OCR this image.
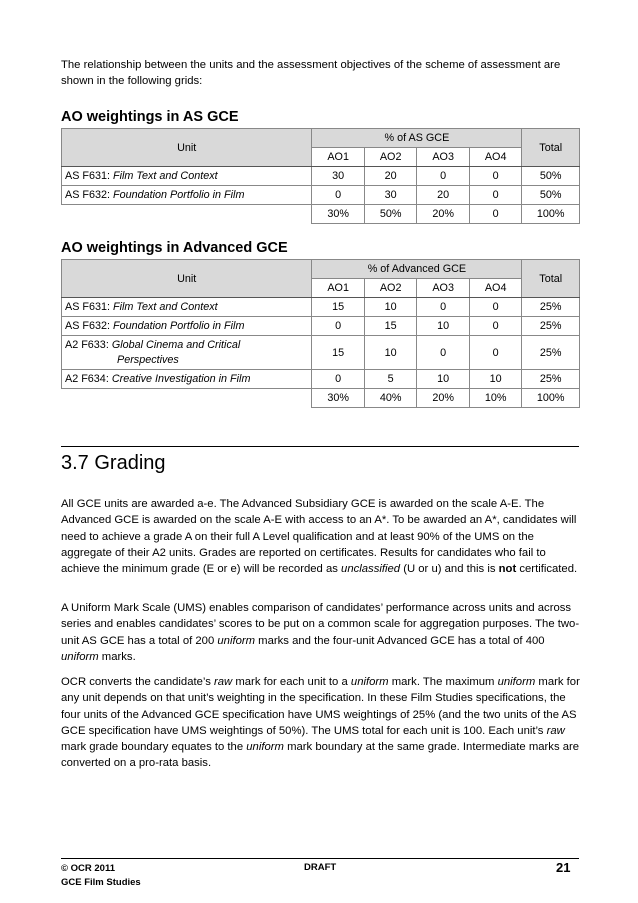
The relationship between the units and the assessment objectives of the scheme of assessment are shown in the following grids:
AO weightings in AS GCE
Unit	% of AS GCE				Total
	AO1	AO2	AO3	AO4	
AS F631: Film Text and Context	30	20	0	0	50%
AS F632: Foundation Portfolio in Film	0	30	20	0	50%
	30%	50%	20%	0	100%
AO weightings in Advanced GCE
Unit	% of Advanced GCE				Total
	AO1	AO2	AO3	AO4	
AS F631: Film Text and Context	15	10	0	0	25%
AS F632: Foundation Portfolio in Film	0	15	10	0	25%
A2 F633: Global Cinema and Critical
Perspectives	15	10	0	0	25%
A2 F634: Creative Investigation in Film	0	5	10	10	25%
	30%	40%	20%	10%	100%
3.7 Grading
All GCE units are awarded a-e. The Advanced Subsidiary GCE is awarded on the scale A-E. The Advanced GCE is awarded on the scale A-E with access to an A*. To be awarded an A*, candidates will need to achieve a grade A on their full A Level qualification and at least 90% of the UMS on the aggregate of their A2 units. Grades are reported on certificates. Results for candidates who fail to achieve the minimum grade (E or e) will be recorded as unclassified (U or u) and this is not certificated.
A Uniform Mark Scale (UMS) enables comparison of candidates’ performance across units and across series and enables candidates’ scores to be put on a common scale for aggregation purposes. The two-unit AS GCE has a total of 200 uniform marks and the four-unit Advanced GCE has a total of 400 uniform marks.
OCR converts the candidate’s raw mark for each unit to a uniform mark. The maximum uniform mark for any unit depends on that unit’s weighting in the specification. In these Film Studies specifications, the four units of the Advanced GCE specification have UMS weightings of 25% (and the two units of the AS GCE specification have UMS weightings of 50%). The UMS total for each unit is 100. Each unit’s raw mark grade boundary equates to the uniform mark boundary at the same grade. Intermediate marks are converted on a pro-rata basis.
© OCR 2011
GCE Film Studies
DRAFT	21
